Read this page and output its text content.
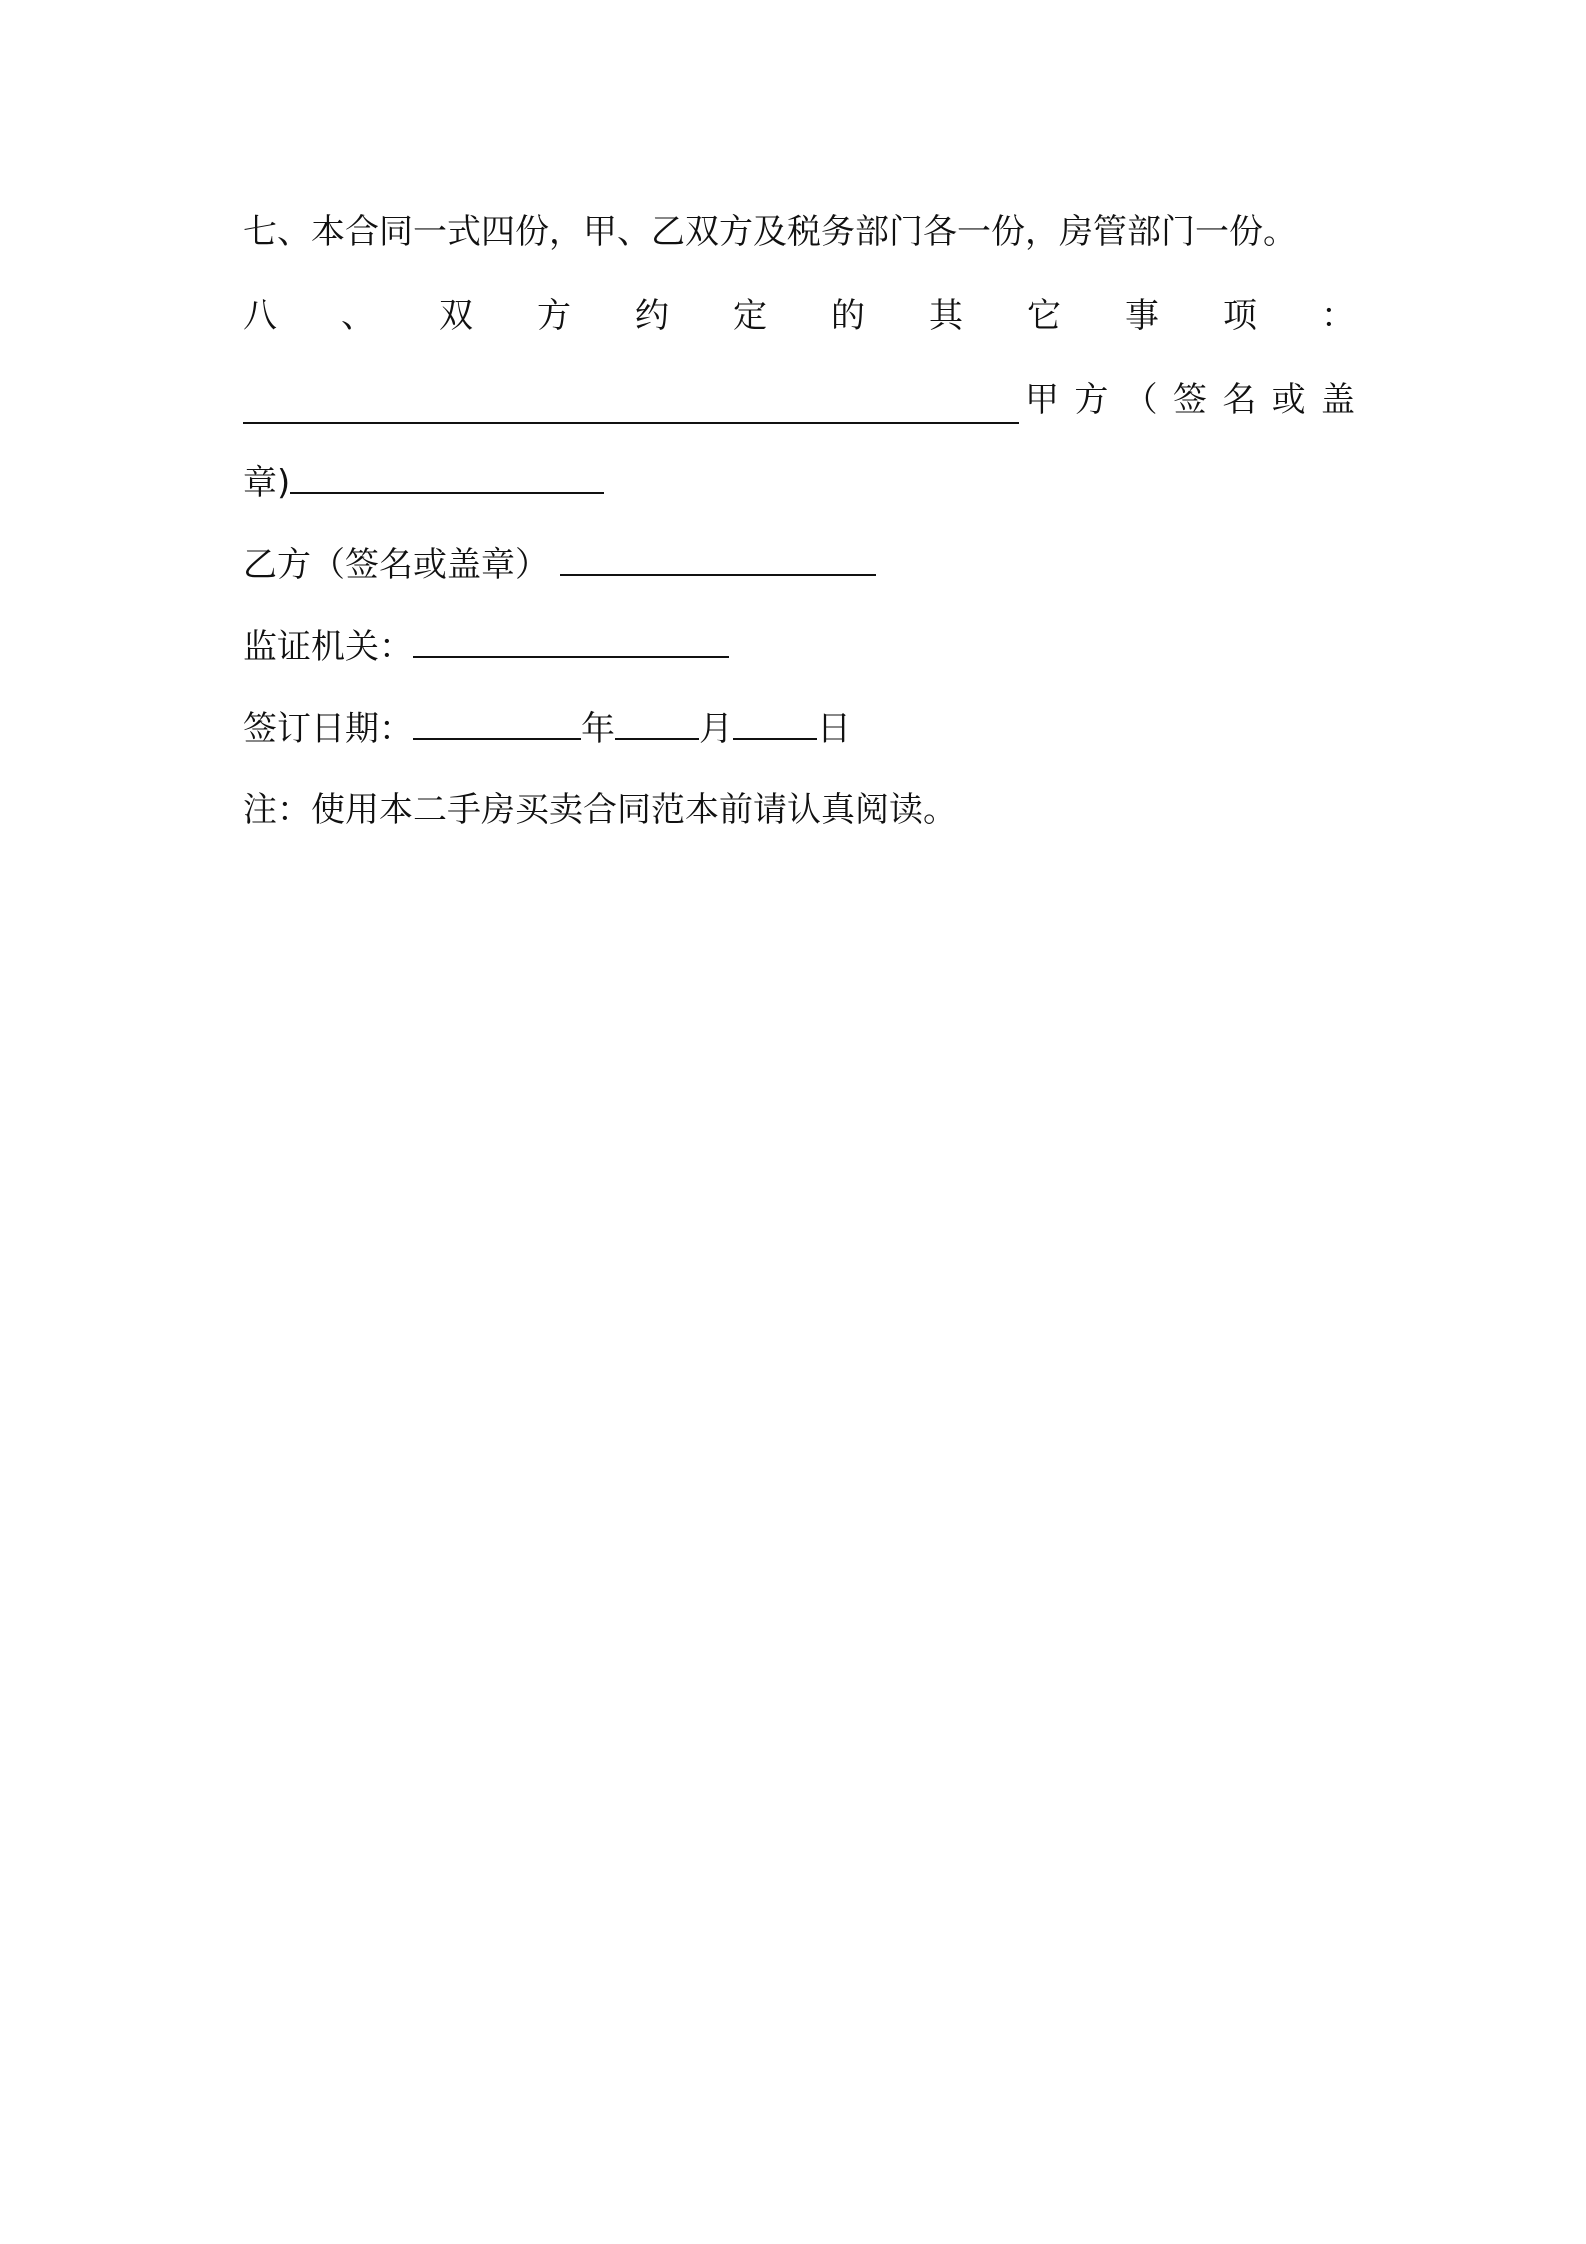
七、本合同一式四份，甲、乙双方及税务部门各一份，房管部门一份。
八 、 双 方 约 定 的 其 它 事 项 ：
甲 方 （ 签 名 或 盖
章)
乙方（签名或盖章）
监证机关：
签订日期：	年 月 日
注：使用本二手房买卖合同范本前请认真阅读。
